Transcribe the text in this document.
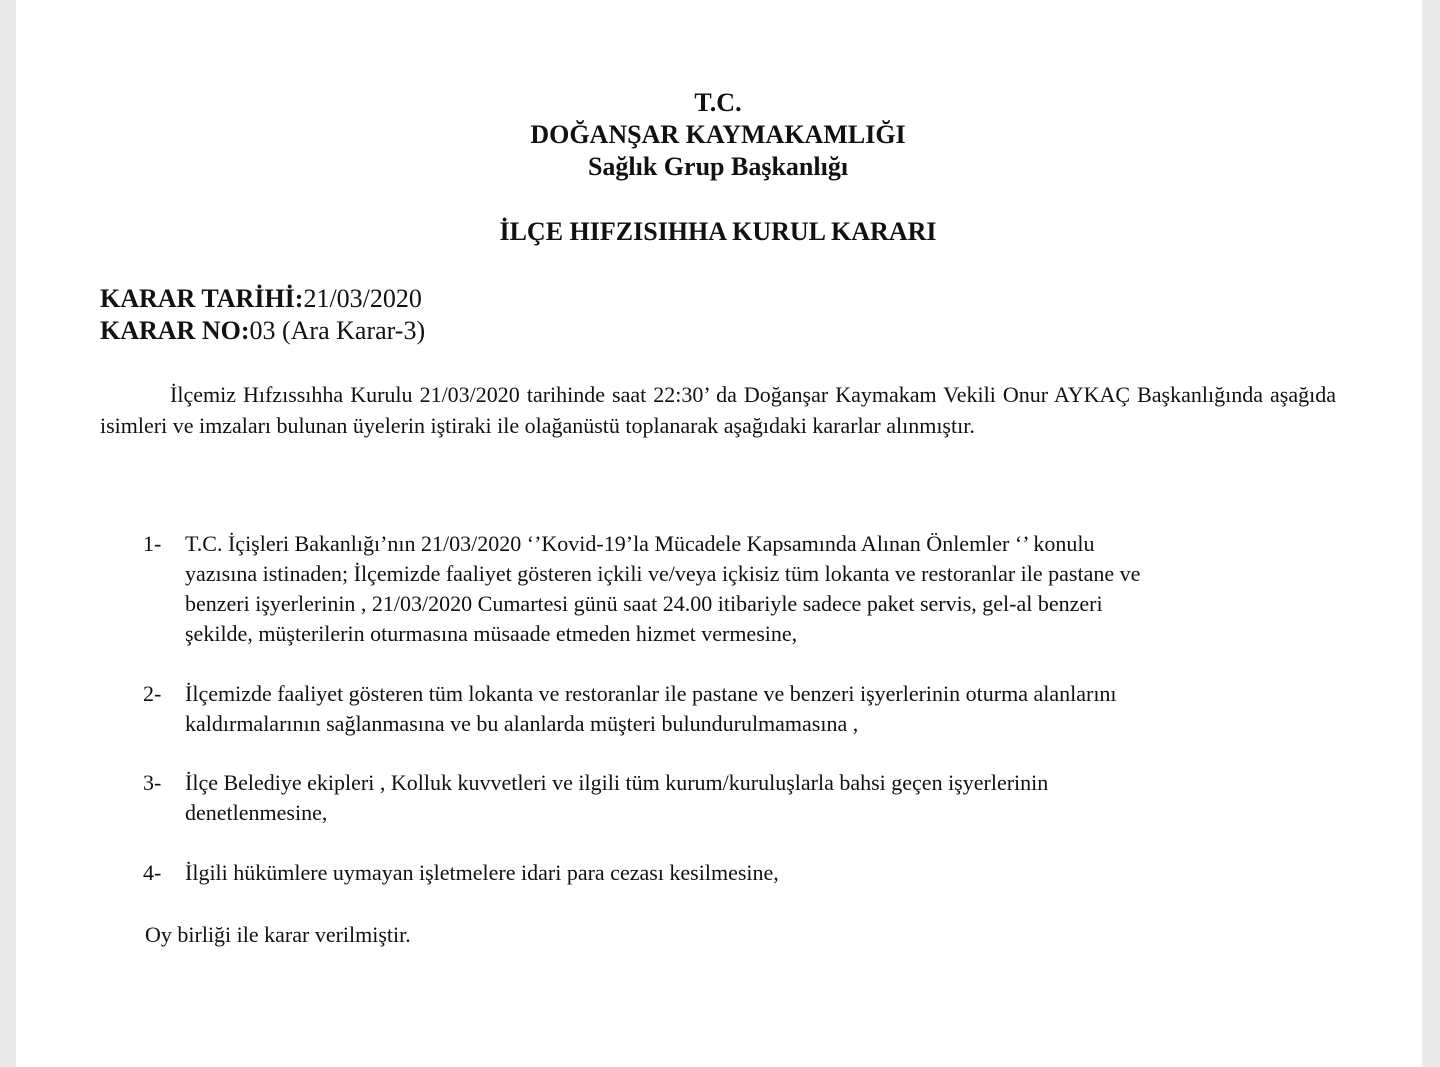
T.C.
DOĞANŞAR KAYMAKAMLIĞI
Sağlık Grup Başkanlığı
İLÇE HIFZISIHHA KURUL KARARI
KARAR TARİHİ:21/03/2020
KARAR NO:03 (Ara Karar-3)
İlçemiz Hıfzıssıhha Kurulu 21/03/2020 tarihinde saat 22:30’ da Doğanşar Kaymakam Vekili Onur AYKAÇ Başkanlığında aşağıda isimleri ve imzaları bulunan üyelerin iştiraki ile olağanüstü toplanarak aşağıdaki kararlar alınmıştır.
1-	T.C. İçişleri Bakanlığı’nın 21/03/2020 ‘’Kovid-19’la Mücadele Kapsamında Alınan Önlemler ‘’ konulu
yazısına istinaden; İlçemizde faaliyet gösteren içkili ve/veya içkisiz tüm lokanta ve restoranlar ile pastane ve
benzeri işyerlerinin , 21/03/2020 Cumartesi günü saat 24.00 itibariyle sadece paket servis, gel-al benzeri
şekilde, müşterilerin oturmasına müsaade etmeden hizmet vermesine,
2-	İlçemizde faaliyet gösteren tüm lokanta ve restoranlar ile pastane ve benzeri işyerlerinin oturma alanlarını
kaldırmalarının sağlanmasına ve bu alanlarda müşteri bulundurulmamasına ,
3-	İlçe Belediye ekipleri , Kolluk kuvvetleri ve ilgili tüm kurum/kuruluşlarla bahsi geçen işyerlerinin
denetlenmesine,
4-	İlgili hükümlere uymayan işletmelere idari para cezası kesilmesine,
Oy birliği ile karar verilmiştir.
